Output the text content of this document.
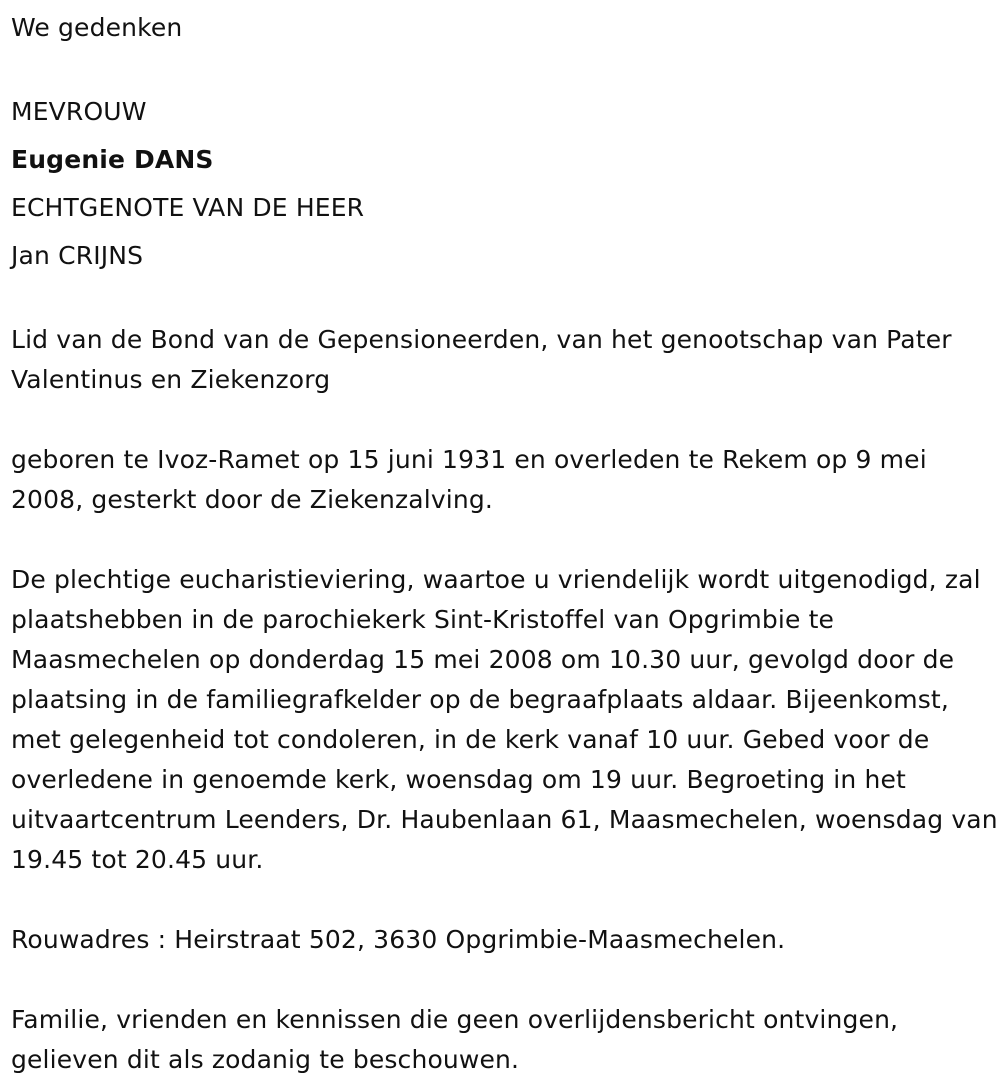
We gedenken

MEVROUW

Eugenie DANS

ECHTGENOTE VAN DE HEER

Jan CRIJNS

Lid van de Bond van de Gepensioneerden, van het genootschap van Pater Valentinus en Ziekenzorg

geboren te Ivoz-Ramet op 15 juni 1931 en overleden te Rekem op 9 mei 2008, gesterkt door de Ziekenzalving.

De plechtige eucharistieviering, waartoe u vriendelijk wordt uitgenodigd, zal plaatshebben in de parochiekerk Sint-Kristoffel van Opgrimbie te Maasmechelen op donderdag 15 mei 2008 om 10.30 uur, gevolgd door de plaatsing in de familiegrafkelder op de begraafplaats aldaar. Bijeenkomst, met gelegenheid tot condoleren, in de kerk vanaf 10 uur. Gebed voor de overledene in genoemde kerk, woensdag om 19 uur. Begroeting in het uitvaartcentrum Leenders, Dr. Haubenlaan 61, Maasmechelen, woensdag van 19.45 tot 20.45 uur.

Rouwadres : Heirstraat 502, 3630 Opgrimbie-Maasmechelen.

Familie, vrienden en kennissen die geen overlijdensbericht ontvingen, gelieven dit als zodanig te beschouwen.
